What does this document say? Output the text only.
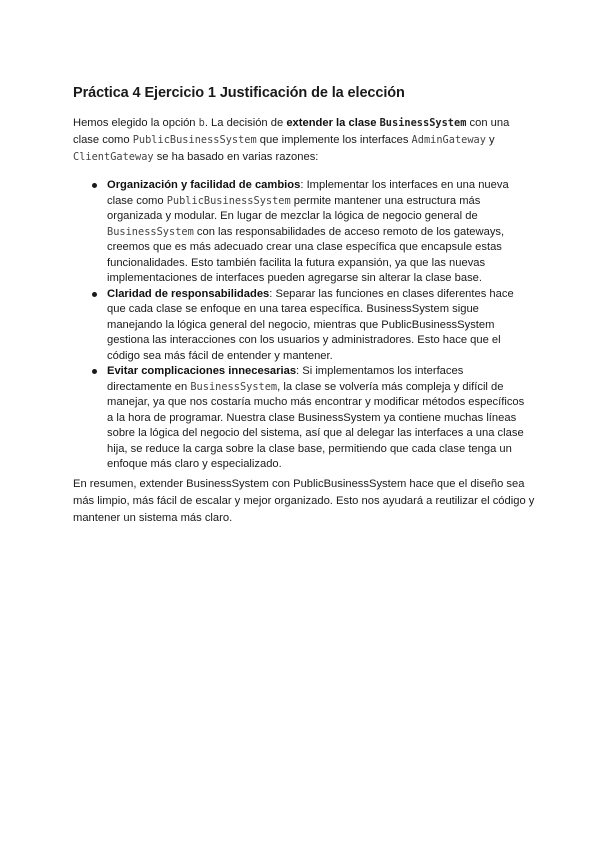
Práctica 4 Ejercicio 1 Justificación de la elección

Hemos elegido la opción b. La decisión de extender la clase BusinessSystem con una clase como PublicBusinessSystem que implemente los interfaces AdminGateway y ClientGateway se ha basado en varias razones:

Organización y facilidad de cambios: Implementar los interfaces en una nueva clase como PublicBusinessSystem permite mantener una estructura más organizada y modular. En lugar de mezclar la lógica de negocio general de BusinessSystem con las responsabilidades de acceso remoto de los gateways, creemos que es más adecuado crear una clase específica que encapsule estas funcionalidades. Esto también facilita la futura expansión, ya que las nuevas implementaciones de interfaces pueden agregarse sin alterar la clase base.
Claridad de responsabilidades: Separar las funciones en clases diferentes hace que cada clase se enfoque en una tarea específica. BusinessSystem sigue manejando la lógica general del negocio, mientras que PublicBusinessSystem gestiona las interacciones con los usuarios y administradores. Esto hace que el código sea más fácil de entender y mantener.
Evitar complicaciones innecesarias: Si implementamos los interfaces directamente en BusinessSystem, la clase se volvería más compleja y difícil de manejar, ya que nos costaría mucho más encontrar y modificar métodos específicos a la hora de programar. Nuestra clase BusinessSystem ya contiene muchas líneas sobre la lógica del negocio del sistema, así que al delegar las interfaces a una clase hija, se reduce la carga sobre la clase base, permitiendo que cada clase tenga un enfoque más claro y especializado.

En resumen, extender BusinessSystem con PublicBusinessSystem hace que el diseño sea más limpio, más fácil de escalar y mejor organizado. Esto nos ayudará a reutilizar el código y mantener un sistema más claro.
